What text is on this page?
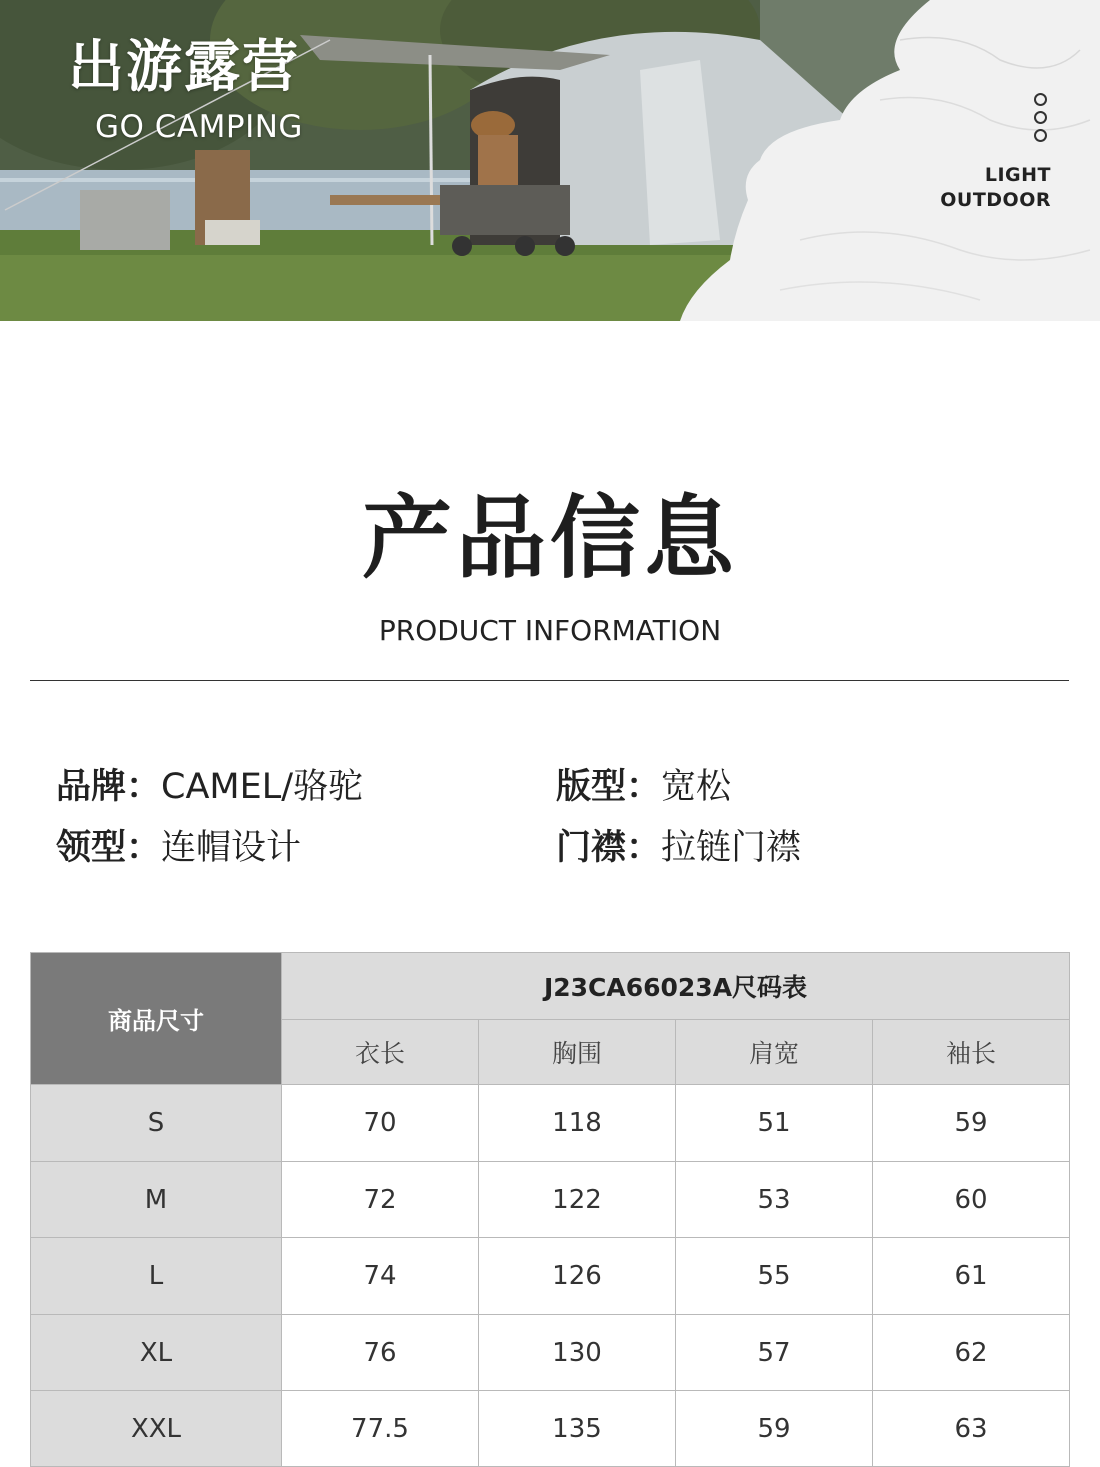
出游露营
GO CAMPING
LIGHT
OUTDOOR
产品信息
PRODUCT INFORMATION
品牌：CAMEL/骆驼	版型：宽松
领型：连帽设计	门襟：拉链门襟
商品尺寸	J23CA66023A尺码表			
	衣长	胸围	肩宽	袖长
S	70	118	51	59
M	72	122	53	60
L	74	126	55	61
XL	76	130	57	62
XXL	77.5	135	59	63
